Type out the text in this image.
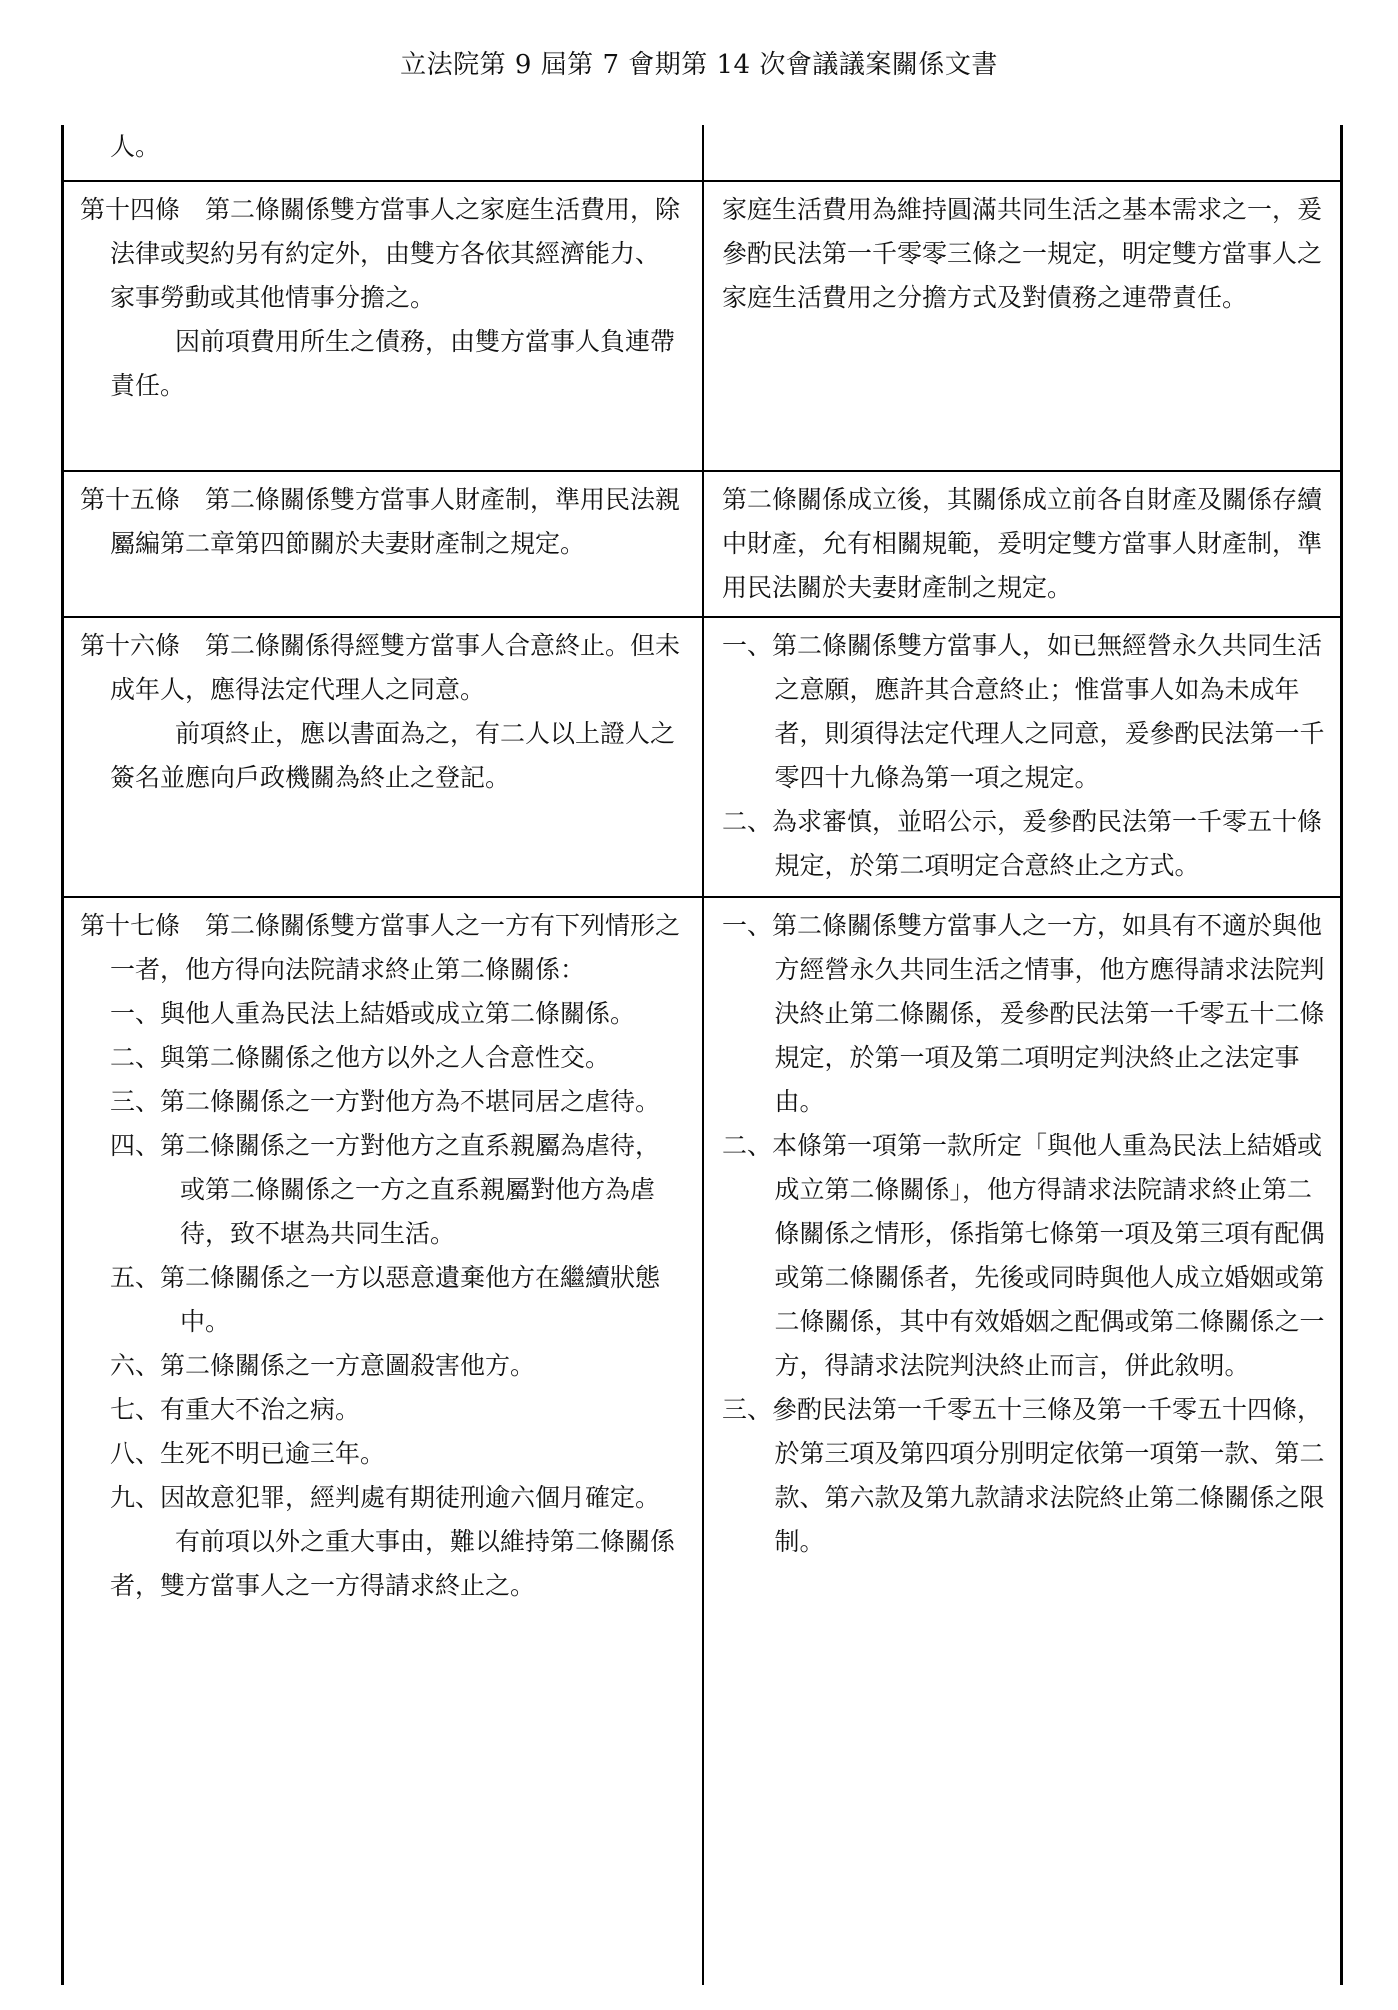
立法院第 9 屆第 7 會期第 14 次會議議案關係文書

人。

第十四條 第二條關係雙方當事人之家庭生活費用，除法律或契約另有約定外，由雙方各依其經濟能力、家事勞動或其他情事分擔之。

因前項費用所生之債務，由雙方當事人負連帶責任。

家庭生活費用為維持圓滿共同生活之基本需求之一，爰參酌民法第一千零零三條之一規定，明定雙方當事人之家庭生活費用之分擔方式及對債務之連帶責任。

第十五條 第二條關係雙方當事人財產制，準用民法親屬編第二章第四節關於夫妻財產制之規定。

第二條關係成立後，其關係成立前各自財產及關係存續中財產，允有相關規範，爰明定雙方當事人財產制，準用民法關於夫妻財產制之規定。

第十六條 第二條關係得經雙方當事人合意終止。但未成年人，應得法定代理人之同意。

前項終止，應以書面為之，有二人以上證人之簽名並應向戶政機關為終止之登記。

一、第二條關係雙方當事人，如已無經營永久共同生活之意願，應許其合意終止；惟當事人如為未成年者，則須得法定代理人之同意，爰參酌民法第一千零四十九條為第一項之規定。

二、為求審慎，並昭公示，爰參酌民法第一千零五十條規定，於第二項明定合意終止之方式。

第十七條 第二條關係雙方當事人之一方有下列情形之一者，他方得向法院請求終止第二條關係：

一、與他人重為民法上結婚或成立第二條關係。

二、與第二條關係之他方以外之人合意性交。

三、第二條關係之一方對他方為不堪同居之虐待。

四、第二條關係之一方對他方之直系親屬為虐待，或第二條關係之一方之直系親屬對他方為虐待，致不堪為共同生活。

五、第二條關係之一方以惡意遺棄他方在繼續狀態中。

六、第二條關係之一方意圖殺害他方。

七、有重大不治之病。

八、生死不明已逾三年。

九、因故意犯罪，經判處有期徒刑逾六個月確定。

有前項以外之重大事由，難以維持第二條關係者，雙方當事人之一方得請求終止之。

一、第二條關係雙方當事人之一方，如具有不適於與他方經營永久共同生活之情事，他方應得請求法院判決終止第二條關係，爰參酌民法第一千零五十二條規定，於第一項及第二項明定判決終止之法定事由。

二、本條第一項第一款所定「與他人重為民法上結婚或成立第二條關係」，他方得請求法院請求終止第二條關係之情形，係指第七條第一項及第三項有配偶或第二條關係者，先後或同時與他人成立婚姻或第二條關係，其中有效婚姻之配偶或第二條關係之一方，得請求法院判決終止而言，併此敘明。

三、參酌民法第一千零五十三條及第一千零五十四條，於第三項及第四項分別明定依第一項第一款、第二款、第六款及第九款請求法院終止第二條關係之限制。
